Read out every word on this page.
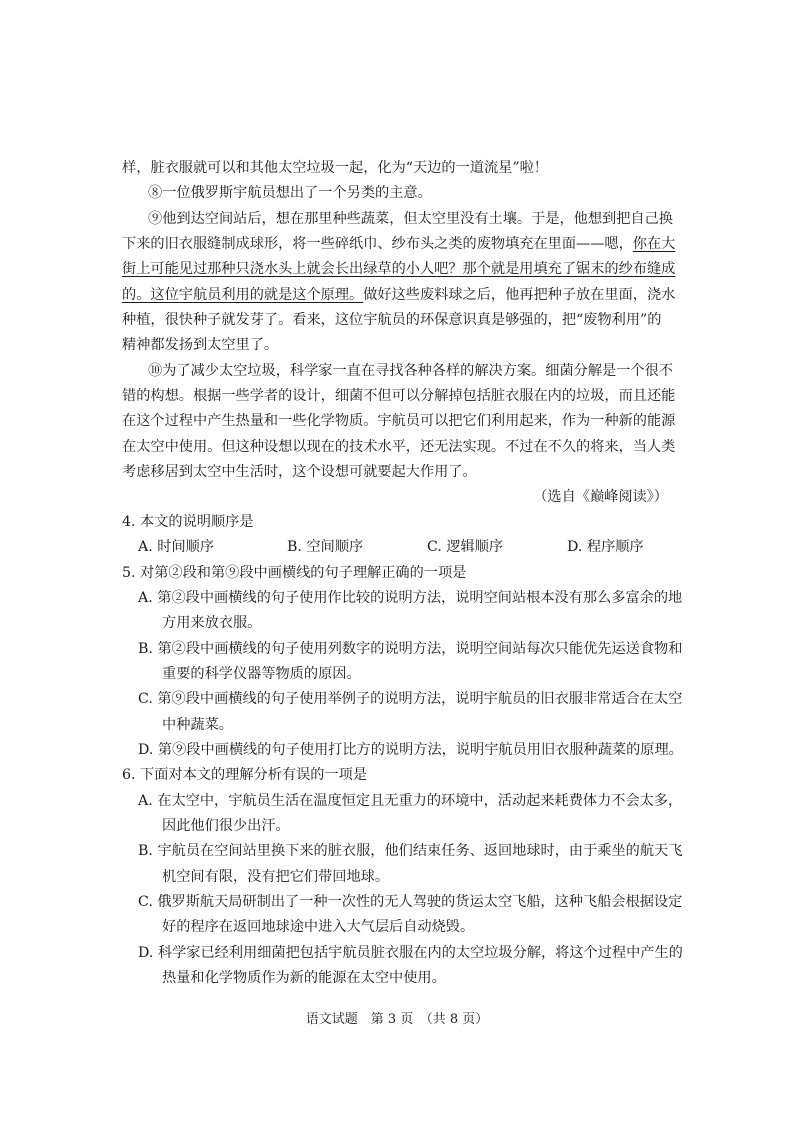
样，脏衣服就可以和其他太空垃圾一起，化为“天边的一道流星”啦！
⑧一位俄罗斯宇航员想出了一个另类的主意。
⑨他到达空间站后，想在那里种些蔬菜，但太空里没有土壤。于是，他想到把自己换
下来的旧衣服缝制成球形，将一些碎纸巾、纱布头之类的废物填充在里面——嗯，你在大
街上可能见过那种只浇水头上就会长出绿草的小人吧？那个就是用填充了锯末的纱布缝成
的。这位宇航员利用的就是这个原理。做好这些废料球之后，他再把种子放在里面，浇水
种植，很快种子就发芽了。看来，这位宇航员的环保意识真是够强的，把“废物利用”的
精神都发扬到太空里了。
⑩为了减少太空垃圾，科学家一直在寻找各种各样的解决方案。细菌分解是一个很不
错的构想。根据一些学者的设计，细菌不但可以分解掉包括脏衣服在内的垃圾，而且还能
在这个过程中产生热量和一些化学物质。宇航员可以把它们利用起来，作为一种新的能源
在太空中使用。但这种设想以现在的技术水平，还无法实现。不过在不久的将来，当人类
考虑移居到太空中生活时，这个设想可就要起大作用了。
（选自《巅峰阅读》）
4. 本文的说明顺序是
A. 时间顺序	B. 空间顺序	C. 逻辑顺序	D. 程序顺序
5. 对第②段和第⑨段中画横线的句子理解正确的一项是
A. 第②段中画横线的句子使用作比较的说明方法，说明空间站根本没有那么多富余的地
方用来放衣服。
B. 第②段中画横线的句子使用列数字的说明方法，说明空间站每次只能优先运送食物和
重要的科学仪器等物质的原因。
C. 第⑨段中画横线的句子使用举例子的说明方法，说明宇航员的旧衣服非常适合在太空
中种蔬菜。
D. 第⑨段中画横线的句子使用打比方的说明方法，说明宇航员用旧衣服种蔬菜的原理。
6. 下面对本文的理解分析有误的一项是
A. 在太空中，宇航员生活在温度恒定且无重力的环境中，活动起来耗费体力不会太多，
因此他们很少出汗。
B. 宇航员在空间站里换下来的脏衣服，他们结束任务、返回地球时，由于乘坐的航天飞
机空间有限，没有把它们带回地球。
C. 俄罗斯航天局研制出了一种一次性的无人驾驶的货运太空飞船，这种飞船会根据设定
好的程序在返回地球途中进入大气层后自动烧毁。
D. 科学家已经利用细菌把包括宇航员脏衣服在内的太空垃圾分解，将这个过程中产生的
热量和化学物质作为新的能源在太空中使用。
语文试题　第 3 页　（共 8 页）
